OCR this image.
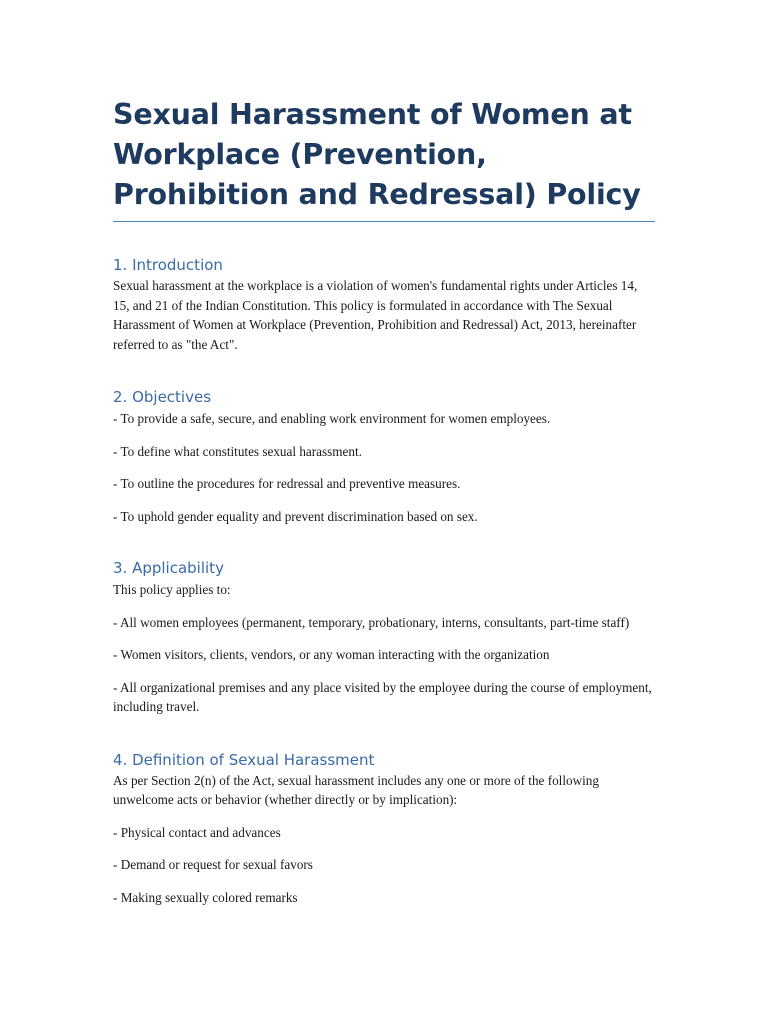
Sexual Harassment of Women at Workplace (Prevention, Prohibition and Redressal) Policy
1. Introduction

Sexual harassment at the workplace is a violation of women's fundamental rights under Articles 14, 15, and 21 of the Indian Constitution. This policy is formulated in accordance with The Sexual Harassment of Women at Workplace (Prevention, Prohibition and Redressal) Act, 2013, hereinafter referred to as "the Act".

2. Objectives

- To provide a safe, secure, and enabling work environment for women employees.

- To define what constitutes sexual harassment.

- To outline the procedures for redressal and preventive measures.

- To uphold gender equality and prevent discrimination based on sex.

3. Applicability

This policy applies to:

- All women employees (permanent, temporary, probationary, interns, consultants, part-time staff)

- Women visitors, clients, vendors, or any woman interacting with the organization

- All organizational premises and any place visited by the employee during the course of employment, including travel.

4. Definition of Sexual Harassment

As per Section 2(n) of the Act, sexual harassment includes any one or more of the following unwelcome acts or behavior (whether directly or by implication):

- Physical contact and advances

- Demand or request for sexual favors

- Making sexually colored remarks
